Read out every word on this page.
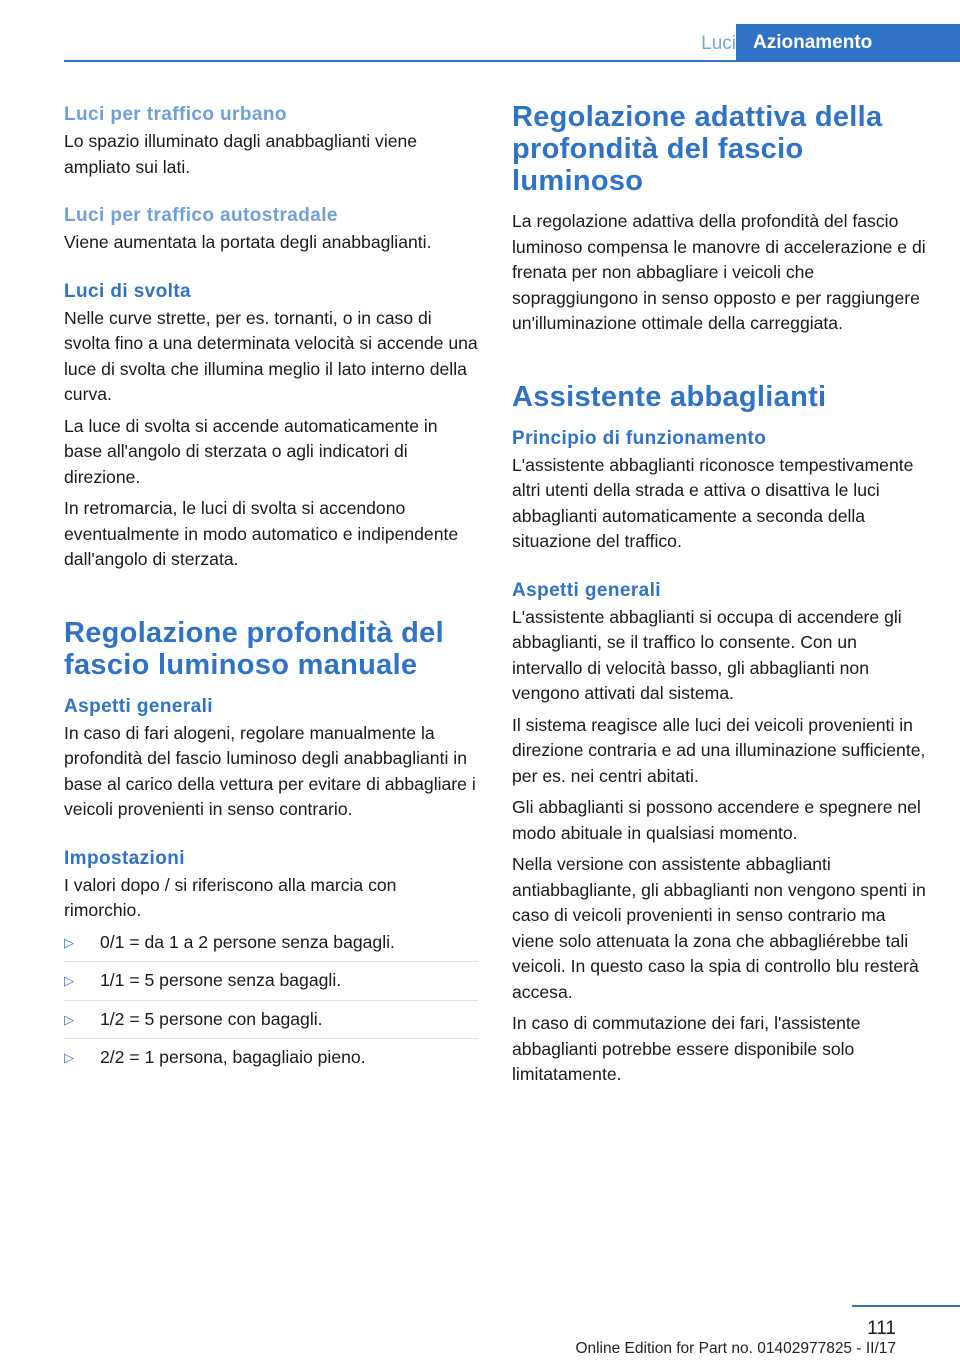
Luci Azionamento
Luci per traffico urbano

Lo spazio illuminato dagli anabbaglianti viene ampliato sui lati.

Luci per traffico autostradale

Viene aumentata la portata degli anabbaglianti.

Luci di svolta

Nelle curve strette, per es. tornanti, o in caso di svolta fino a una determinata velocità si accende una luce di svolta che illumina meglio il lato interno della curva.

La luce di svolta si accende automaticamente in base all'angolo di sterzata o agli indicatori di direzione.

In retromarcia, le luci di svolta si accendono eventualmente in modo automatico e indipendente dall'angolo di sterzata.

Regolazione profondità del fascio luminoso manuale
Aspetti generali

In caso di fari alogeni, regolare manualmente la profondità del fascio luminoso degli anabbaglianti in base al carico della vettura per evitare di abbagliare i veicoli provenienti in senso contrario.

Impostazioni

I valori dopo / si riferiscono alla marcia con rimorchio.

▷ 0/1 = da 1 a 2 persone senza bagagli.
▷ 1/1 = 5 persone senza bagagli.
▷ 1/2 = 5 persone con bagagli.
▷ 2/2 = 1 persona, bagagliaio pieno.
Regolazione adattiva della profondità del fascio luminoso

La regolazione adattiva della profondità del fascio luminoso compensa le manovre di accelerazione e di frenata per non abbagliare i veicoli che sopraggiungono in senso opposto e per raggiungere un'illuminazione ottimale della carreggiata.

Assistente abbaglianti
Principio di funzionamento

L'assistente abbaglianti riconosce tempestivamente altri utenti della strada e attiva o disattiva le luci abbaglianti automaticamente a seconda della situazione del traffico.

Aspetti generali

L'assistente abbaglianti si occupa di accendere gli abbaglianti, se il traffico lo consente. Con un intervallo di velocità basso, gli abbaglianti non vengono attivati dal sistema.

Il sistema reagisce alle luci dei veicoli provenienti in direzione contraria e ad una illuminazione sufficiente, per es. nei centri abitati.

Gli abbaglianti si possono accendere e spegnere nel modo abituale in qualsiasi momento.

Nella versione con assistente abbaglianti antiabbagliante, gli abbaglianti non vengono spenti in caso di veicoli provenienti in senso contrario ma viene solo attenuata la zona che abbagliérebbe tali veicoli. In questo caso la spia di controllo blu resterà accesa.

In caso di commutazione dei fari, l'assistente abbaglianti potrebbe essere disponibile solo limitatamente.

111
Online Edition for Part no. 01402977825 - II/17
